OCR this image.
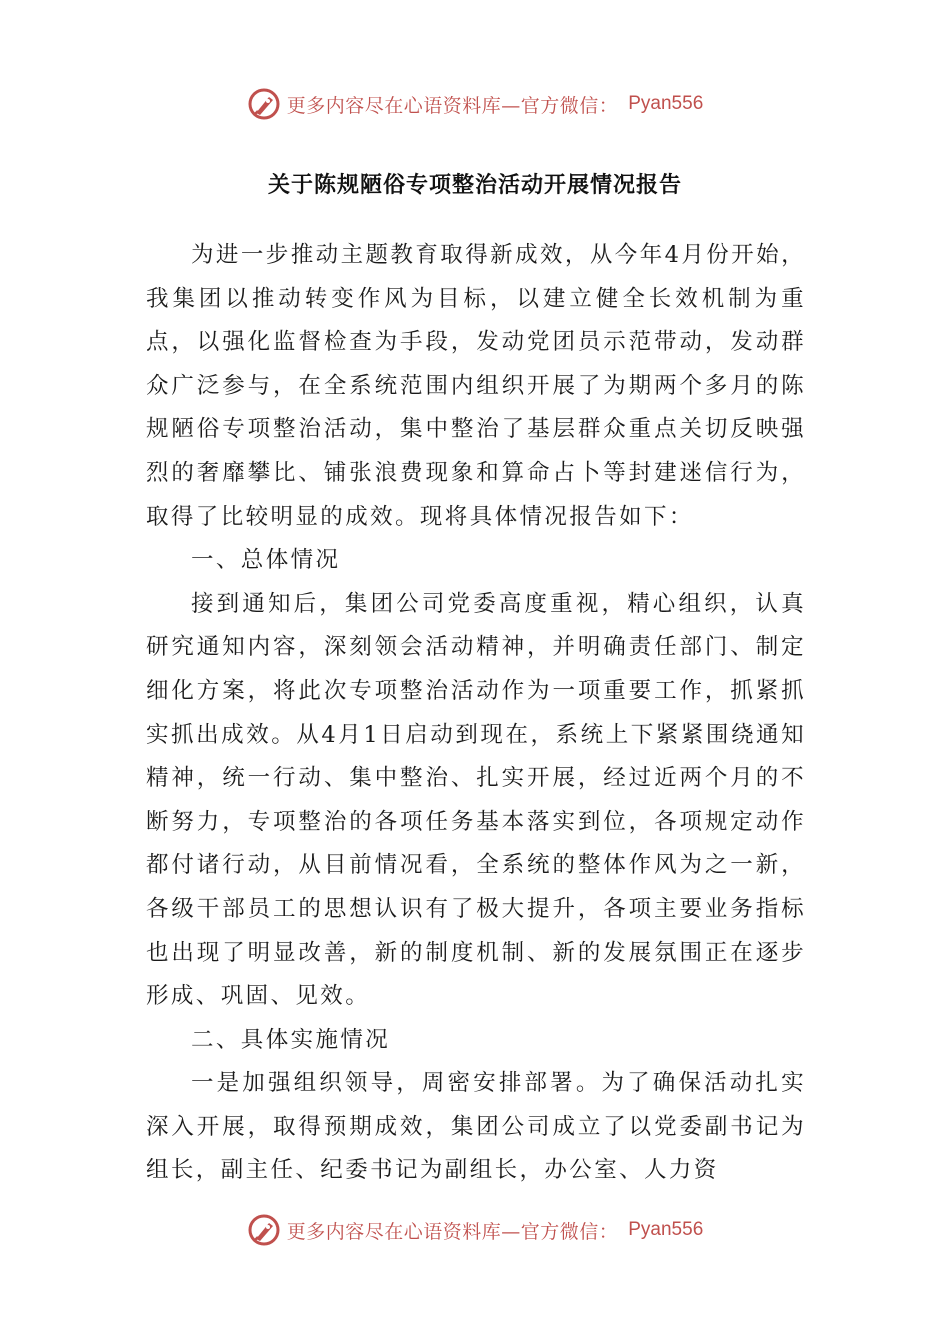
更多内容尽在心语资料库—官方微信： Pyan556
关于陈规陋俗专项整治活动开展情况报告

为进一步推动主题教育取得新成效，从今年4月份开始，我集团以推动转变作风为目标，以建立健全长效机制为重点，以强化监督检查为手段，发动党团员示范带动，发动群众广泛参与，在全系统范围内组织开展了为期两个多月的陈规陋俗专项整治活动，集中整治了基层群众重点关切反映强烈的奢靡攀比、铺张浪费现象和算命占卜等封建迷信行为，取得了比较明显的成效。现将具体情况报告如下：

一、总体情况

接到通知后，集团公司党委高度重视，精心组织，认真研究通知内容，深刻领会活动精神，并明确责任部门、制定细化方案，将此次专项整治活动作为一项重要工作，抓紧抓实抓出成效。从4月1日启动到现在，系统上下紧紧围绕通知精神，统一行动、集中整治、扎实开展，经过近两个月的不断努力，专项整治的各项任务基本落实到位，各项规定动作都付诸行动，从目前情况看，全系统的整体作风为之一新，各级干部员工的思想认识有了极大提升，各项主要业务指标也出现了明显改善，新的制度机制、新的发展氛围正在逐步形成、巩固、见效。

二、具体实施情况

一是加强组织领导，周密安排部署。为了确保活动扎实深入开展，取得预期成效，集团公司成立了以党委副书记为组长，副主任、纪委书记为副组长，办公室、人力资

更多内容尽在心语资料库—官方微信： Pyan556
